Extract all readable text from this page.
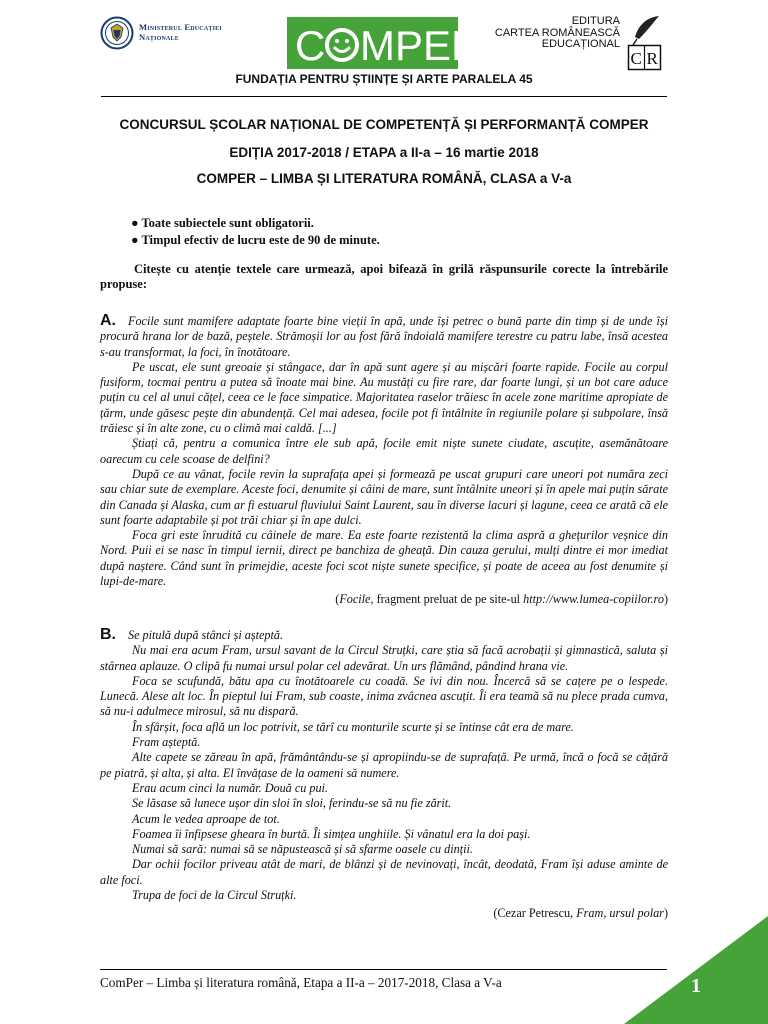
Ministerul Educației
Naționale	C MPER
EDITURA
CARTEA ROMÂNEASCĂ
EDUCAȚIONAL
C R
FUNDAȚIA PENTRU ȘTIINȚE ȘI ARTE PARALELA 45
CONCURSUL ȘCOLAR NAȚIONAL DE COMPETENȚĂ ȘI PERFORMANȚĂ COMPER
EDIȚIA 2017-2018 / ETAPA a II-a – 16 martie 2018
COMPER – LIMBA ȘI LITERATURA ROMÂNĂ, CLASA a V-a
● Toate subiectele sunt obligatorii.
● Timpul efectiv de lucru este de 90 de minute.
Citește cu atenție textele care urmează, apoi bifează în grilă răspunsurile corecte la întrebările propuse:

A. Focile sunt mamifere adaptate foarte bine vieții în apă, unde își petrec o bună parte din timp și de unde își procură hrana lor de bază, peștele. Strămoșii lor au fost fără îndoială mamifere terestre cu patru labe, însă acestea s-au transformat, la foci, în înotătoare.

Pe uscat, ele sunt greoaie și stângace, dar în apă sunt agere și au mișcări foarte rapide. Focile au corpul fusiform, tocmai pentru a putea să înoate mai bine. Au mustăți cu fire rare, dar foarte lungi, și un bot care aduce puțin cu cel al unui cățel, ceea ce le face simpatice. Majoritatea raselor trăiesc în acele zone maritime apropiate de țărm, unde găsesc pește din abundență. Cel mai adesea, focile pot fi întâlnite în regiunile polare și subpolare, însă trăiesc și în alte zone, cu o climă mai caldă. [...]

Știați că, pentru a comunica între ele sub apă, focile emit niște sunete ciudate, ascuțite, asemănătoare oarecum cu cele scoase de delfini?

După ce au vânat, focile revin la suprafața apei și formează pe uscat grupuri care uneori pot număra zeci sau chiar sute de exemplare. Aceste foci, denumite și câini de mare, sunt întâlnite uneori și în apele mai puțin sărate din Canada și Alaska, cum ar fi estuarul fluviului Saint Laurent, sau în diverse lacuri și lagune, ceea ce arată că ele sunt foarte adaptabile și pot trăi chiar și în ape dulci.

Foca gri este înrudită cu câinele de mare. Ea este foarte rezistentă la clima aspră a ghețurilor veșnice din Nord. Puii ei se nasc în timpul iernii, direct pe banchiza de gheață. Din cauza gerului, mulți dintre ei mor imediat după naștere. Când sunt în primejdie, aceste foci scot niște sunete specifice, și poate de aceea au fost denumite și lupi-de-mare.

(Focile, fragment preluat de pe site-ul http://www.lumea-copiilor.ro)

B. Se pitulă după stânci și așteptă.

Nu mai era acum Fram, ursul savant de la Circul Struțki, care știa să facă acrobații și gimnastică, saluta și stârnea aplauze. O clipă fu numai ursul polar cel adevărat. Un urs flămând, pândind hrana vie.

Foca se scufundă, bătu apa cu înotătoarele cu coadă. Se ivi din nou. Încercă să se cațere pe o lespede. Lunecă. Alese alt loc. În pieptul lui Fram, sub coaste, inima zvâcnea ascuțit. Îi era teamă să nu plece prada cumva, să nu-i adulmece mirosul, să nu dispară.

În sfârșit, foca află un loc potrivit, se târî cu monturile scurte și se întinse cât era de mare.

Fram așteptă.

Alte capete se zăreau în apă, frământându-se și apropiindu-se de suprafață. Pe urmă, încă o focă se cățără pe piatră, și alta, și alta. El învățase de la oameni să numere.

Erau acum cinci la număr. Două cu pui.

Se lăsase să lunece ușor din sloi în sloi, ferindu-se să nu fie zărit.

Acum le vedea aproape de tot.

Foamea îi înfipsese gheara în burtă. Îi simțea unghiile. Și vânatul era la doi pași.

Numai să sară: numai să se năpustească și să sfarme oasele cu dinții.

Dar ochii focilor priveau atât de mari, de blânzi și de nevinovați, încât, deodată, Fram își aduse aminte de alte foci.

Trupa de foci de la Circul Struțki.

(Cezar Petrescu, Fram, ursul polar)
ComPer – Limba și literatura română, Etapa a II-a – 2017-2018, Clasa a V-a	1
